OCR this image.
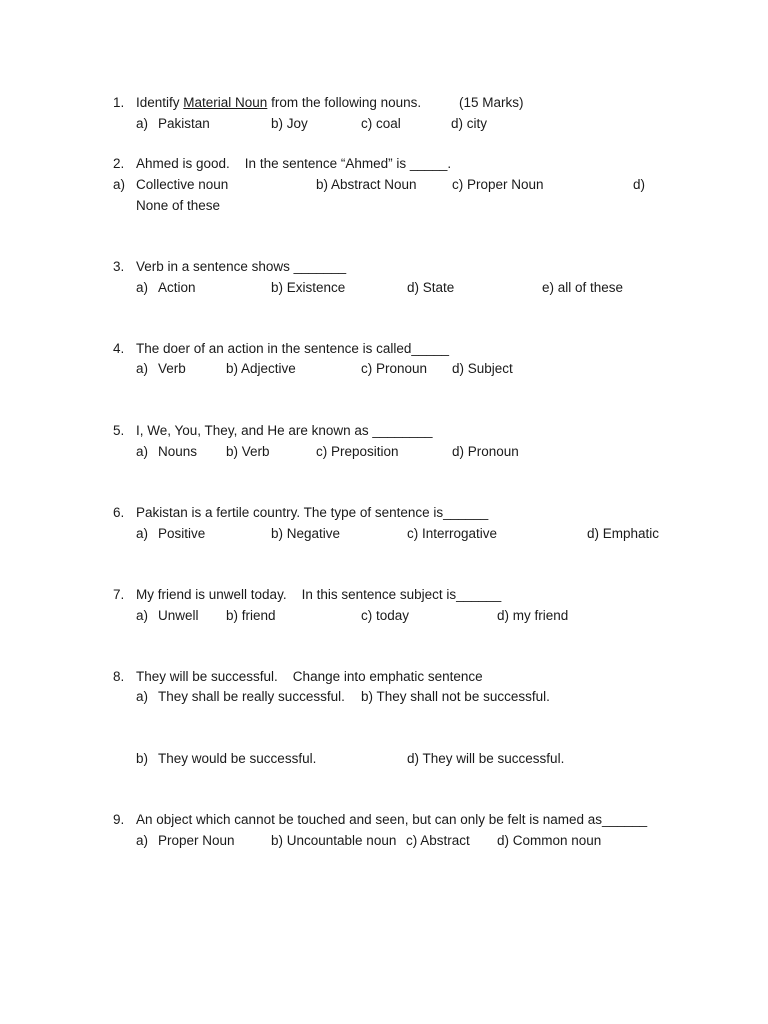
1. Identify Material Noun from the following nouns.	(15 Marks)
a) Pakistan	b) Joy	c) coal	d) city
2. Ahmed is good.    In the sentence “Ahmed” is _____.
a) Collective noun	b) Abstract Noun	c) Proper Noun	d)
None of these
3. Verb in a sentence shows _______
a) Action	b) Existence	d) State	e) all of these
4. The doer of an action in the sentence is called_____
a) Verb	b) Adjective	c) Pronoun d) Subject
5. I, We, You, They, and He are known as ________
a) Nouns b) Verb	c) Preposition	d) Pronoun
6. Pakistan is a fertile country. The type of sentence is______
a) Positive	b) Negative	c) Interrogative	d) Emphatic
7. My friend is unwell today.    In this sentence subject is______
a) Unwell b) friend	c) today	d) my friend
8. They will be successful.    Change into emphatic sentence
a) They shall be really successful. b) They shall not be successful.
b) They would be successful.	d) They will be successful.
9. An object which cannot be touched and seen, but can only be felt is named as______
a) Proper Noun	b) Uncountable noun c) Abstract d) Common noun
